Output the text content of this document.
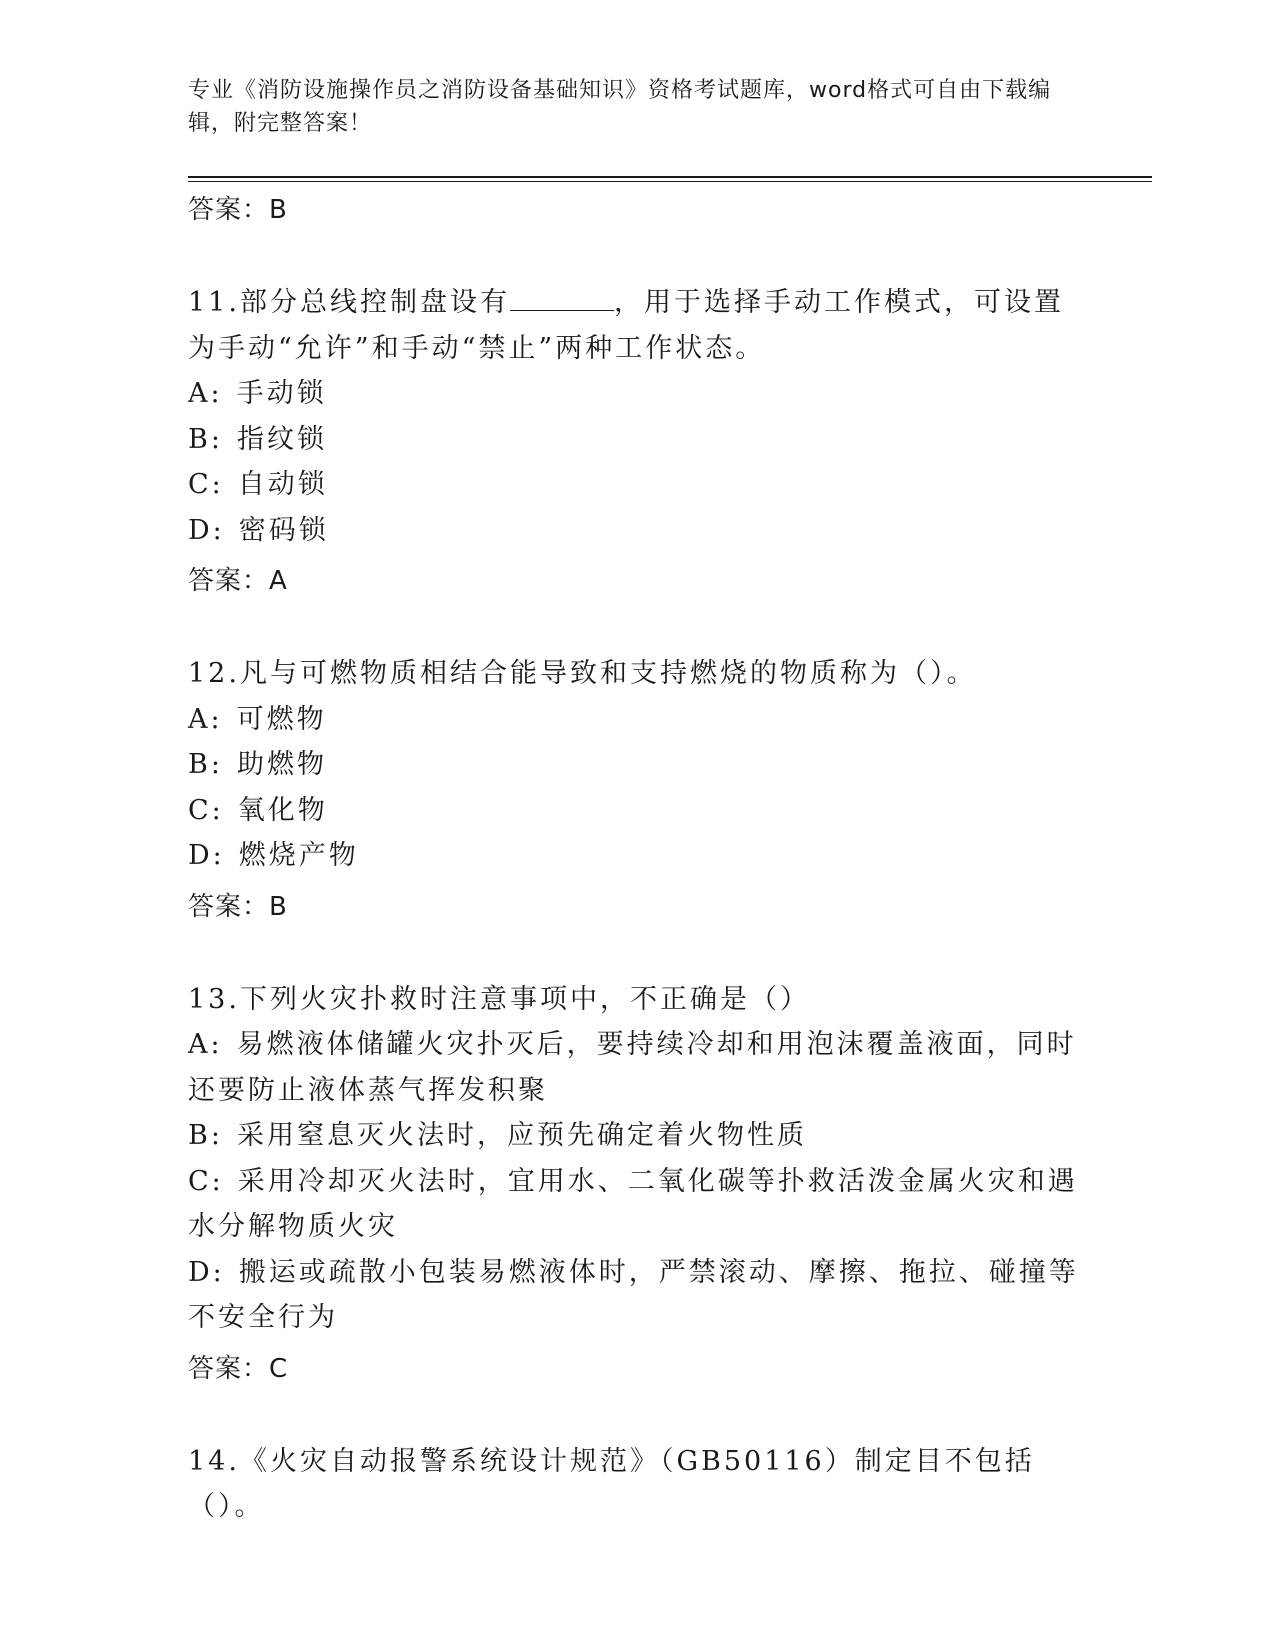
专业《消防设施操作员之消防设备基础知识》资格考试题库，word格式可自由下载编辑，附完整答案！
答案：B
11.部分总线控制盘设有	，用于选择手动工作模式，可设置为手动“允许”和手动“禁止”两种工作状态。
A: 手动锁
B: 指纹锁
C: 自动锁
D: 密码锁
答案：A
12.凡与可燃物质相结合能导致和支持燃烧的物质称为（）。
A: 可燃物
B: 助燃物
C: 氧化物
D: 燃烧产物
答案：B
13.下列火灾扑救时注意事项中，不正确是（）
A: 易燃液体储罐火灾扑灭后，要持续冷却和用泡沫覆盖液面，同时还要防止液体蒸气挥发积聚
B: 采用窒息灭火法时，应预先确定着火物性质
C: 采用冷却灭火法时，宜用水、二氧化碳等扑救活泼金属火灾和遇水分解物质火灾
D: 搬运或疏散小包装易燃液体时，严禁滚动、摩擦、拖拉、碰撞等不安全行为
答案：C
14.《火灾自动报警系统设计规范》（GB50116）制定目不包括（）。
